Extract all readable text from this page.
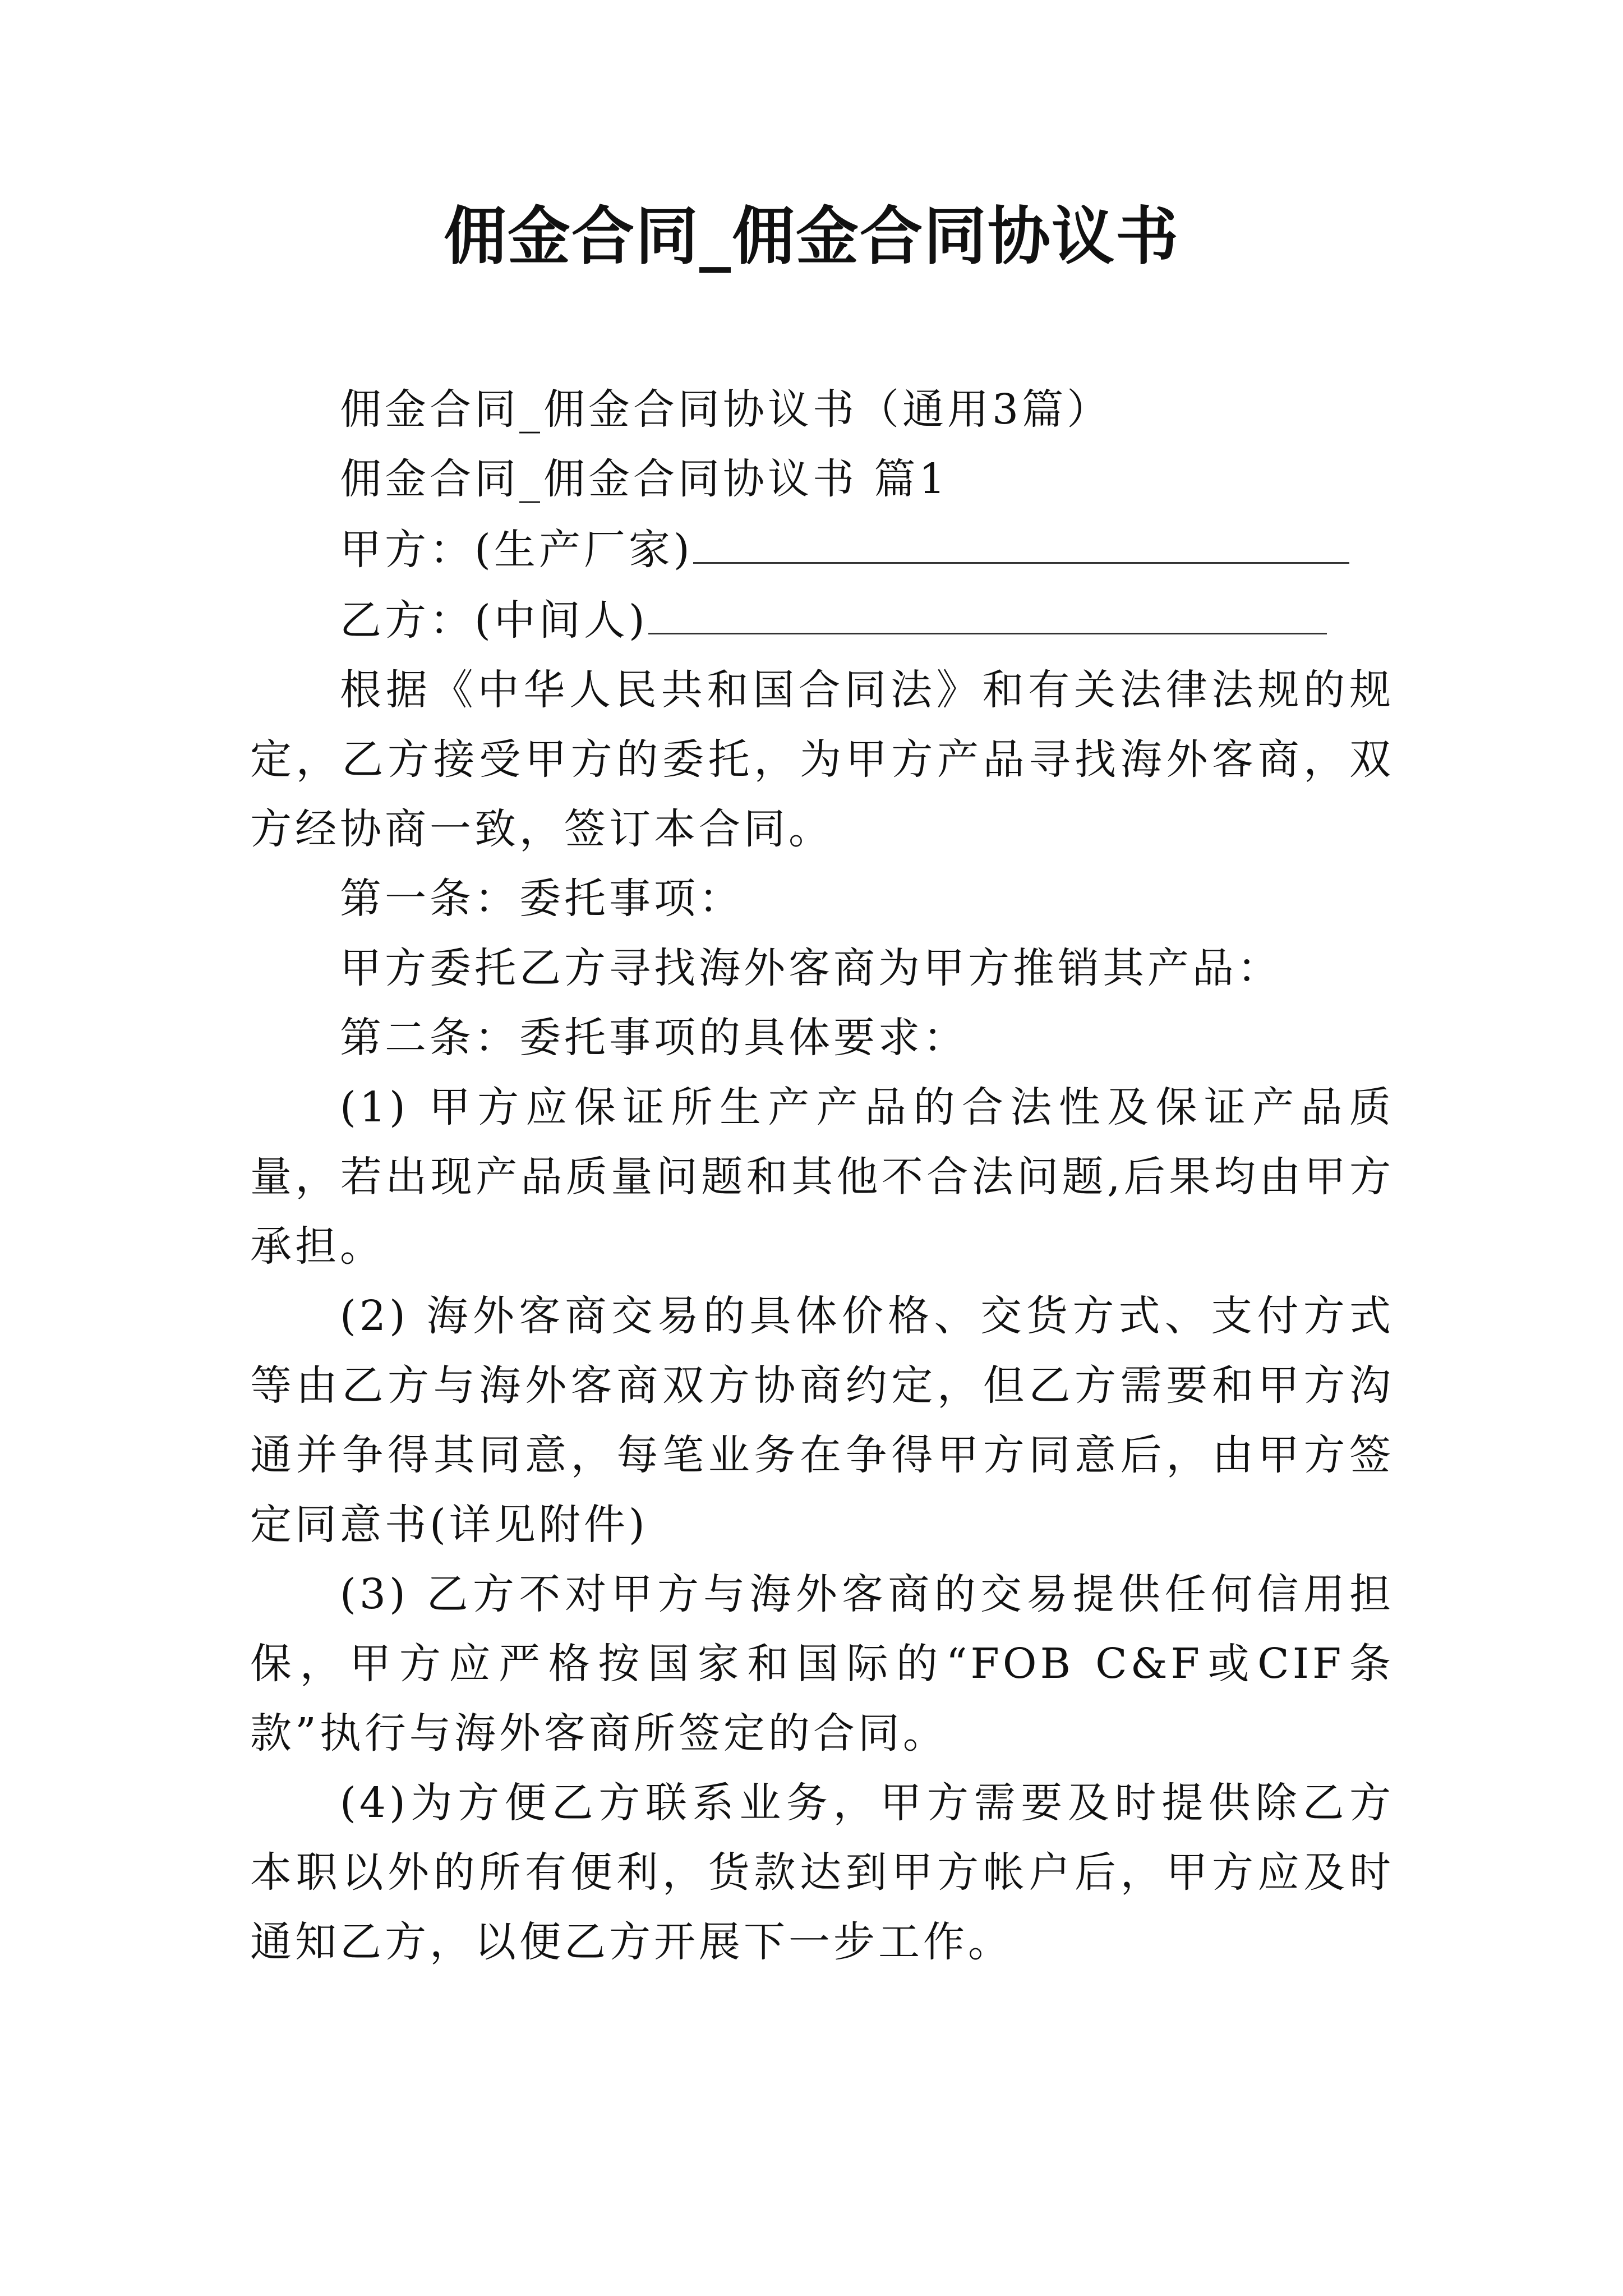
佣金合同_佣金合同协议书

佣金合同_佣金合同协议书（通用3篇）

佣金合同_佣金合同协议书 篇1

甲方：(生产厂家)

乙方：(中间人)

根据《中华人民共和国合同法》和有关法律法规的规定，乙方接受甲方的委托，为甲方产品寻找海外客商，双方经协商一致，签订本合同。

第一条：委托事项：

甲方委托乙方寻找海外客商为甲方推销其产品：

第二条：委托事项的具体要求：

(1) 甲方应保证所生产产品的合法性及保证产品质量，若出现产品质量问题和其他不合法问题,后果均由甲方承担。

(2) 海外客商交易的具体价格、交货方式、支付方式等由乙方与海外客商双方协商约定，但乙方需要和甲方沟通并争得其同意，每笔业务在争得甲方同意后，由甲方签定同意书(详见附件)

(3) 乙方不对甲方与海外客商的交易提供任何信用担保，甲方应严格按国家和国际的“FOB C&F或CIF条款”执行与海外客商所签定的合同。

(4)为方便乙方联系业务，甲方需要及时提供除乙方本职以外的所有便利，货款达到甲方帐户后，甲方应及时通知乙方，以便乙方开展下一步工作。
